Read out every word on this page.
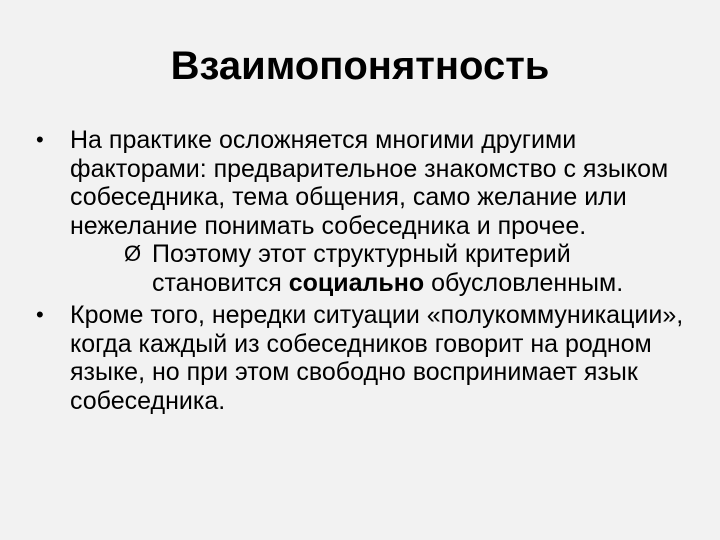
Взаимопонятность
• На практике осложняется многими другими факторами: предварительное знакомство с языком собеседника, тема общения, само желание или нежелание понимать собеседника и прочее.
Ø Поэтому этот структурный критерий становится социально обусловленным.
• Кроме того, нередки ситуации «полукоммуникации», когда каждый из собеседников говорит на родном языке, но при этом свободно воспринимает язык собеседника.
